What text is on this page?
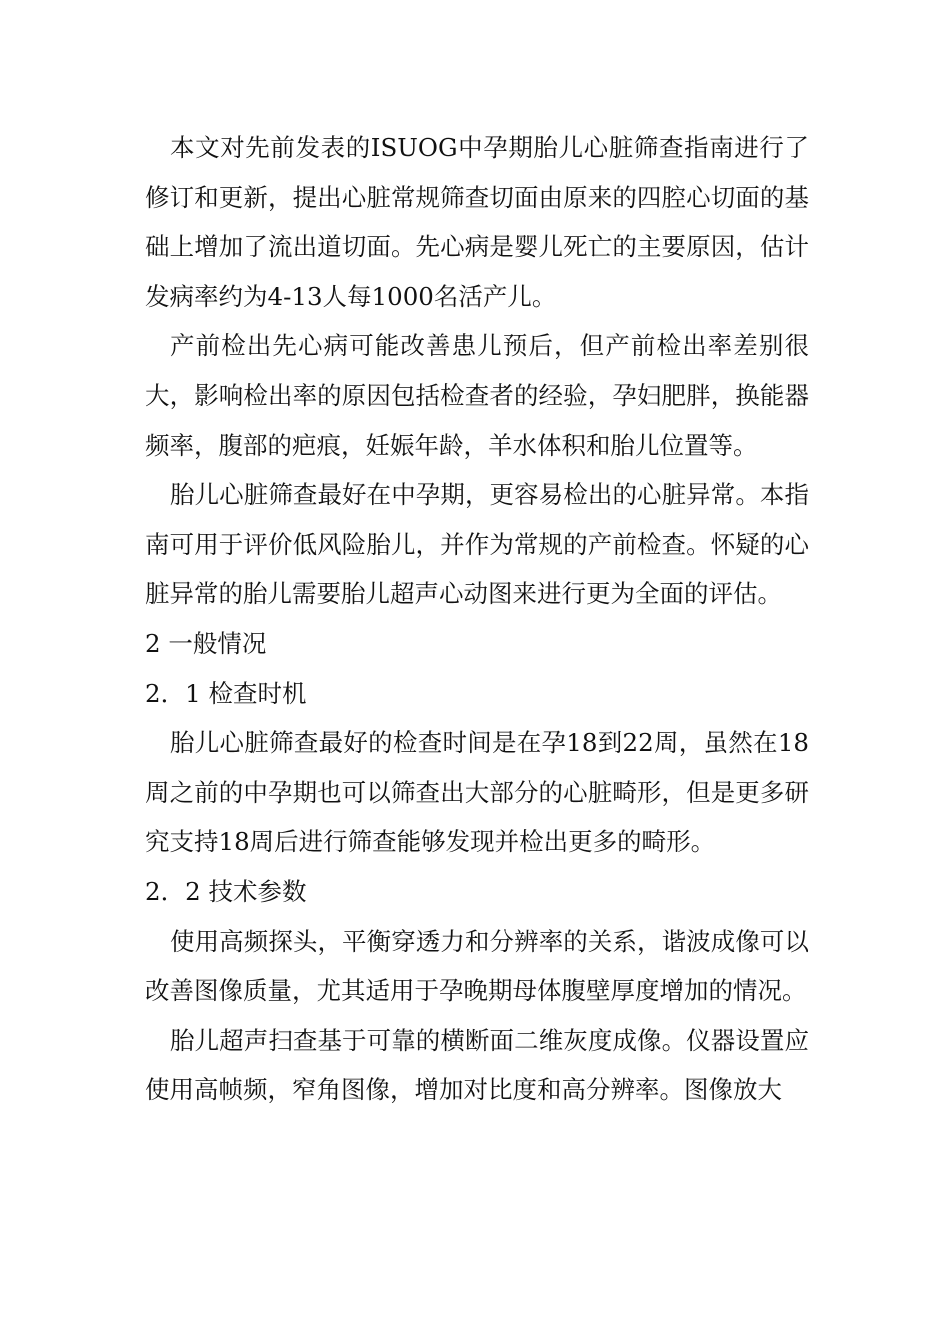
本文对先前发表的ISUOG中孕期胎儿心脏筛查指南进行了修订和更新，提出心脏常规筛查切面由原来的四腔心切面的基础上增加了流出道切面。先心病是婴儿死亡的主要原因，估计发病率约为4-13人每1000名活产儿。

产前检出先心病可能改善患儿预后，但产前检出率差别很大，影响检出率的原因包括检查者的经验，孕妇肥胖，换能器频率，腹部的疤痕，妊娠年龄，羊水体积和胎儿位置等。

胎儿心脏筛查最好在中孕期，更容易检出的心脏异常。本指南可用于评价低风险胎儿，并作为常规的产前检查。怀疑的心脏异常的胎儿需要胎儿超声心动图来进行更为全面的评估。

2 一般情况

2．1 检查时机

胎儿心脏筛查最好的检查时间是在孕18到22周，虽然在18周之前的中孕期也可以筛查出大部分的心脏畸形，但是更多研究支持18周后进行筛查能够发现并检出更多的畸形。

2．2 技术参数

使用高频探头，平衡穿透力和分辨率的关系，谐波成像可以改善图像质量，尤其适用于孕晚期母体腹壁厚度增加的情况。

胎儿超声扫查基于可靠的横断面二维灰度成像。仪器设置应使用高帧频，窄角图像，增加对比度和高分辨率。图像放大
